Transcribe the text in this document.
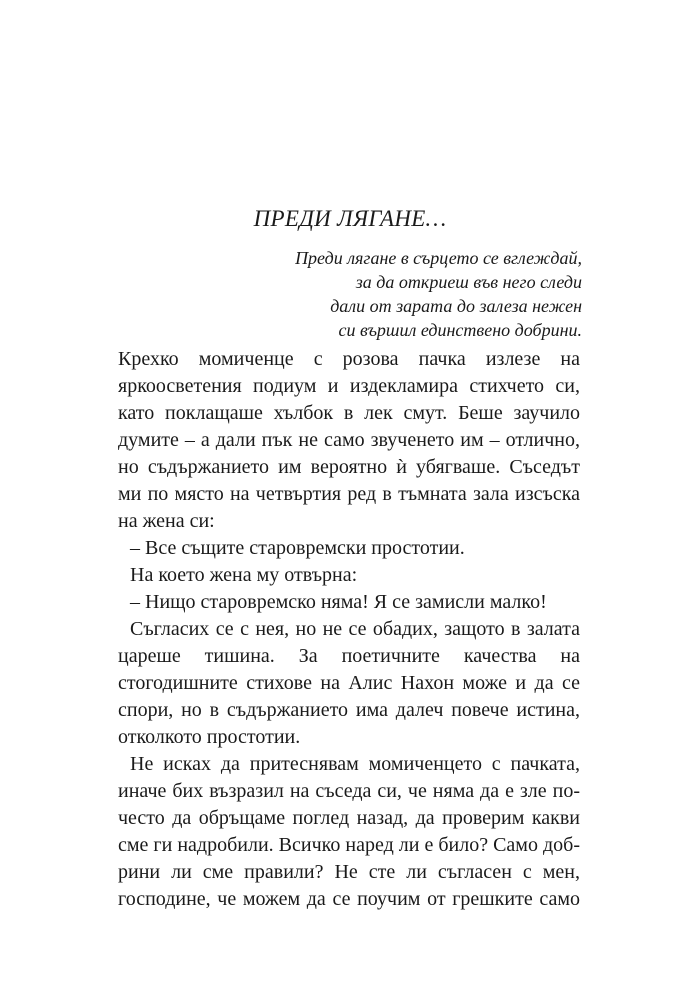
ПРЕДИ ЛЯГАНЕ…
Преди лягане в сърцето се вглеждай,
за да откриеш във него следи
дали от зарата до залеза нежен
си вършил единствено добрини.
Крехко момиченце с розова пачка излезе на
яркоосветения подиум и издекламира стихчето си,
като поклащаше хълбок в лек смут. Беше заучило
думите – а дали пък не само звученето им – отлично,
но съдържанието им вероятно ѝ убягваше. Съседът
ми по място на четвъртия ред в тъмната зала изсъска
на жена си:
– Все същите старовремски простотии.
На което жена му отвърна:
– Нищо старовремско няма! Я се замисли малко!
Съгласих се с нея, но не се обадих, защото в залата
цареше тишина. За поетичните качества на
стогодишните стихове на Алис Нахон може и да се
спори, но в съдържанието има далеч повече истина,
отколкото простотии.
Не исках да притеснявам момиченцето с пачката,
иначе бих възразил на съседа си, че няма да е зле по-
често да обръщаме поглед назад, да проверим какви
сме ги надробили. Всичко наред ли е било? Само доб-
рини ли сме правили? Не сте ли съгласен с мен,
господине, че можем да се поучим от грешките само
